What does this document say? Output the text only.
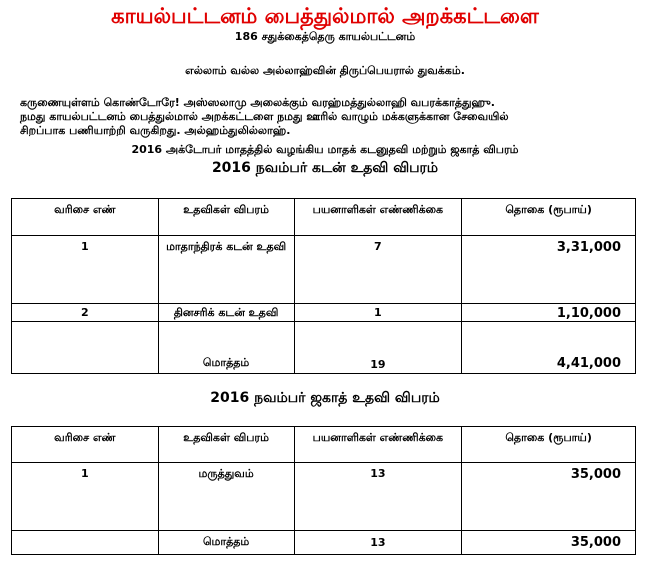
காயல்பட்டனம் பைத்துல்மால் அறக்கட்டளை
186 சதுக்கைத்தெரு காயல்பட்டனம்
எல்லாம் வல்ல அல்லாஹ்வின் திருப்பெயரால் துவக்கம்.
கருணையுள்ளம் கொண்டோரே! அஸ்ஸலாமு அலைக்கும் வரஹ்மத்துல்லாஹி வபரக்காத்துஹு.
நமது காயல்பட்டனம் பைத்துல்மால் அறக்கட்டளை நமது ஊரில் வாழும் மக்களுக்கான சேவையில்
சிறப்பாக பணியாற்றி வருகிறது. அல்ஹம்துலில்லாஹ்.
2016 அக்டோபர் மாதத்தில் வழங்கிய மாதக் கடனுதவி மற்றும் ஜகாத் விபரம்
2016 நவம்பர் கடன் உதவி விபரம்
வரிசை எண்	உதவிகள் விபரம்	பயனாளிகள் எண்ணிக்கை	தொகை (ரூபாய்)
1	மாதாந்திரக் கடன் உதவி	7	3,31,000
2	தினசரிக் கடன் உதவி	1	1,10,000
	மொத்தம்	19	4,41,000
2016 நவம்பர் ஜகாத் உதவி விபரம்
வரிசை எண்	உதவிகள் விபரம்	பயனாளிகள் எண்ணிக்கை	தொகை (ரூபாய்)
1	மருத்துவம்	13	35,000
	மொத்தம்	13	35,000
